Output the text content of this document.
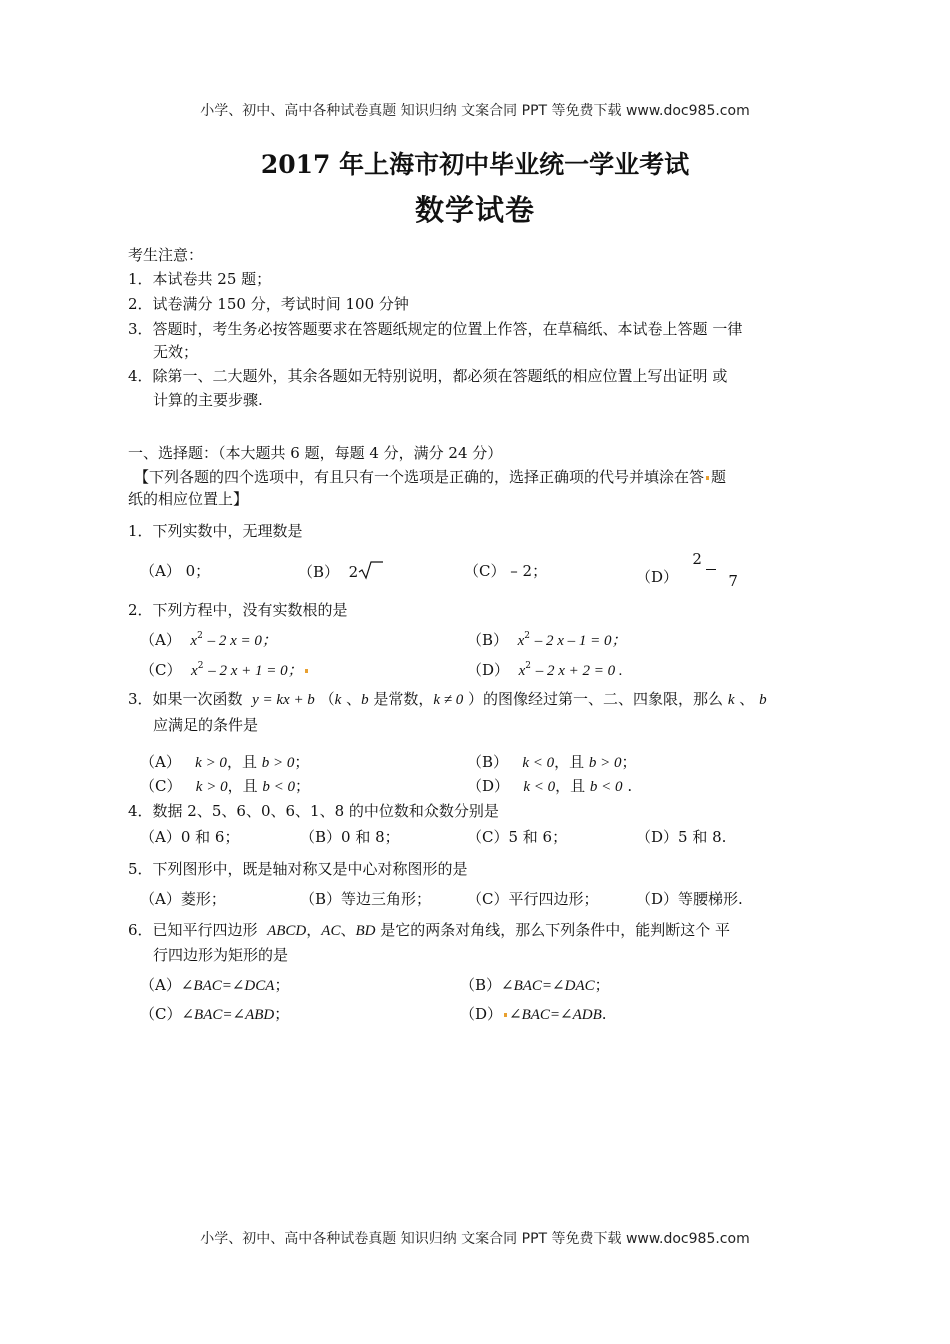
小学、初中、高中各种试卷真题 知识归纳 文案合同 PPT 等免费下载 www.doc985.com
2017 年上海市初中毕业统一学业考试
数学试卷
考生注意：
1．本试卷共 25 题；
2．试卷满分 150 分，考试时间 100 分钟
3．答题时，考生务必按答题要求在答题纸规定的位置上作答，在草稿纸、本试卷上答题 一律
无效；
4．除第一、二大题外，其余各题如无特别说明，都必须在答题纸的相应位置上写出证明 或
计算的主要步骤.
一、选择题：（本大题共 6 题，每题 4 分，满分 24 分）
【下列各题的四个选项中，有且只有一个选项是正确的，选择正确项的代号并填涂在答 题
纸的相应位置上】
1．下列实数中，无理数是
（A） 0；	（B） 2	（C） – 2；	（D）
2
7
2．下列方程中，没有实数根的是
（A） $x^2 - 2$ x = 0；	（B） $x^2 - 2$ x – 1 = 0；
（C） $x^2 - 2$ x + 1 = 0；	（D） $x^2 - 2$ x + 2 = 0 .
3．如果一次函数 y = kx + b （k 、b 是常数，k ≠ 0 ）的图像经过第一、二、四象限，那么 k 、 b
应满足的条件是
（A） k > 0，且 b > 0；	（B） k < 0，且 b > 0；
（C） k > 0，且 b < 0；	（D） k < 0，且 b < 0 .
4．数据 2、5、6、0、6、1、8 的中位数和众数分别是
（A）0 和 6；	（B）0 和 8；	（C）5 和 6；	（D）5 和 8.
5．下列图形中，既是轴对称又是中心对称图形的是
（A）菱形；	（B）等边三角形； （C）平行四边形；	（D）等腰梯形.
6．已知平行四边形 ABCD，AC、BD 是它的两条对角线，那么下列条件中，能判断这个 平
行四边形为矩形的是
（A）∠BAC=∠DCA；	（B）∠BAC=∠DAC；
（C）∠BAC=∠ABD；	（D） ∠BAC=∠ADB.
小学、初中、高中各种试卷真题 知识归纳 文案合同 PPT 等免费下载 www.doc985.com
